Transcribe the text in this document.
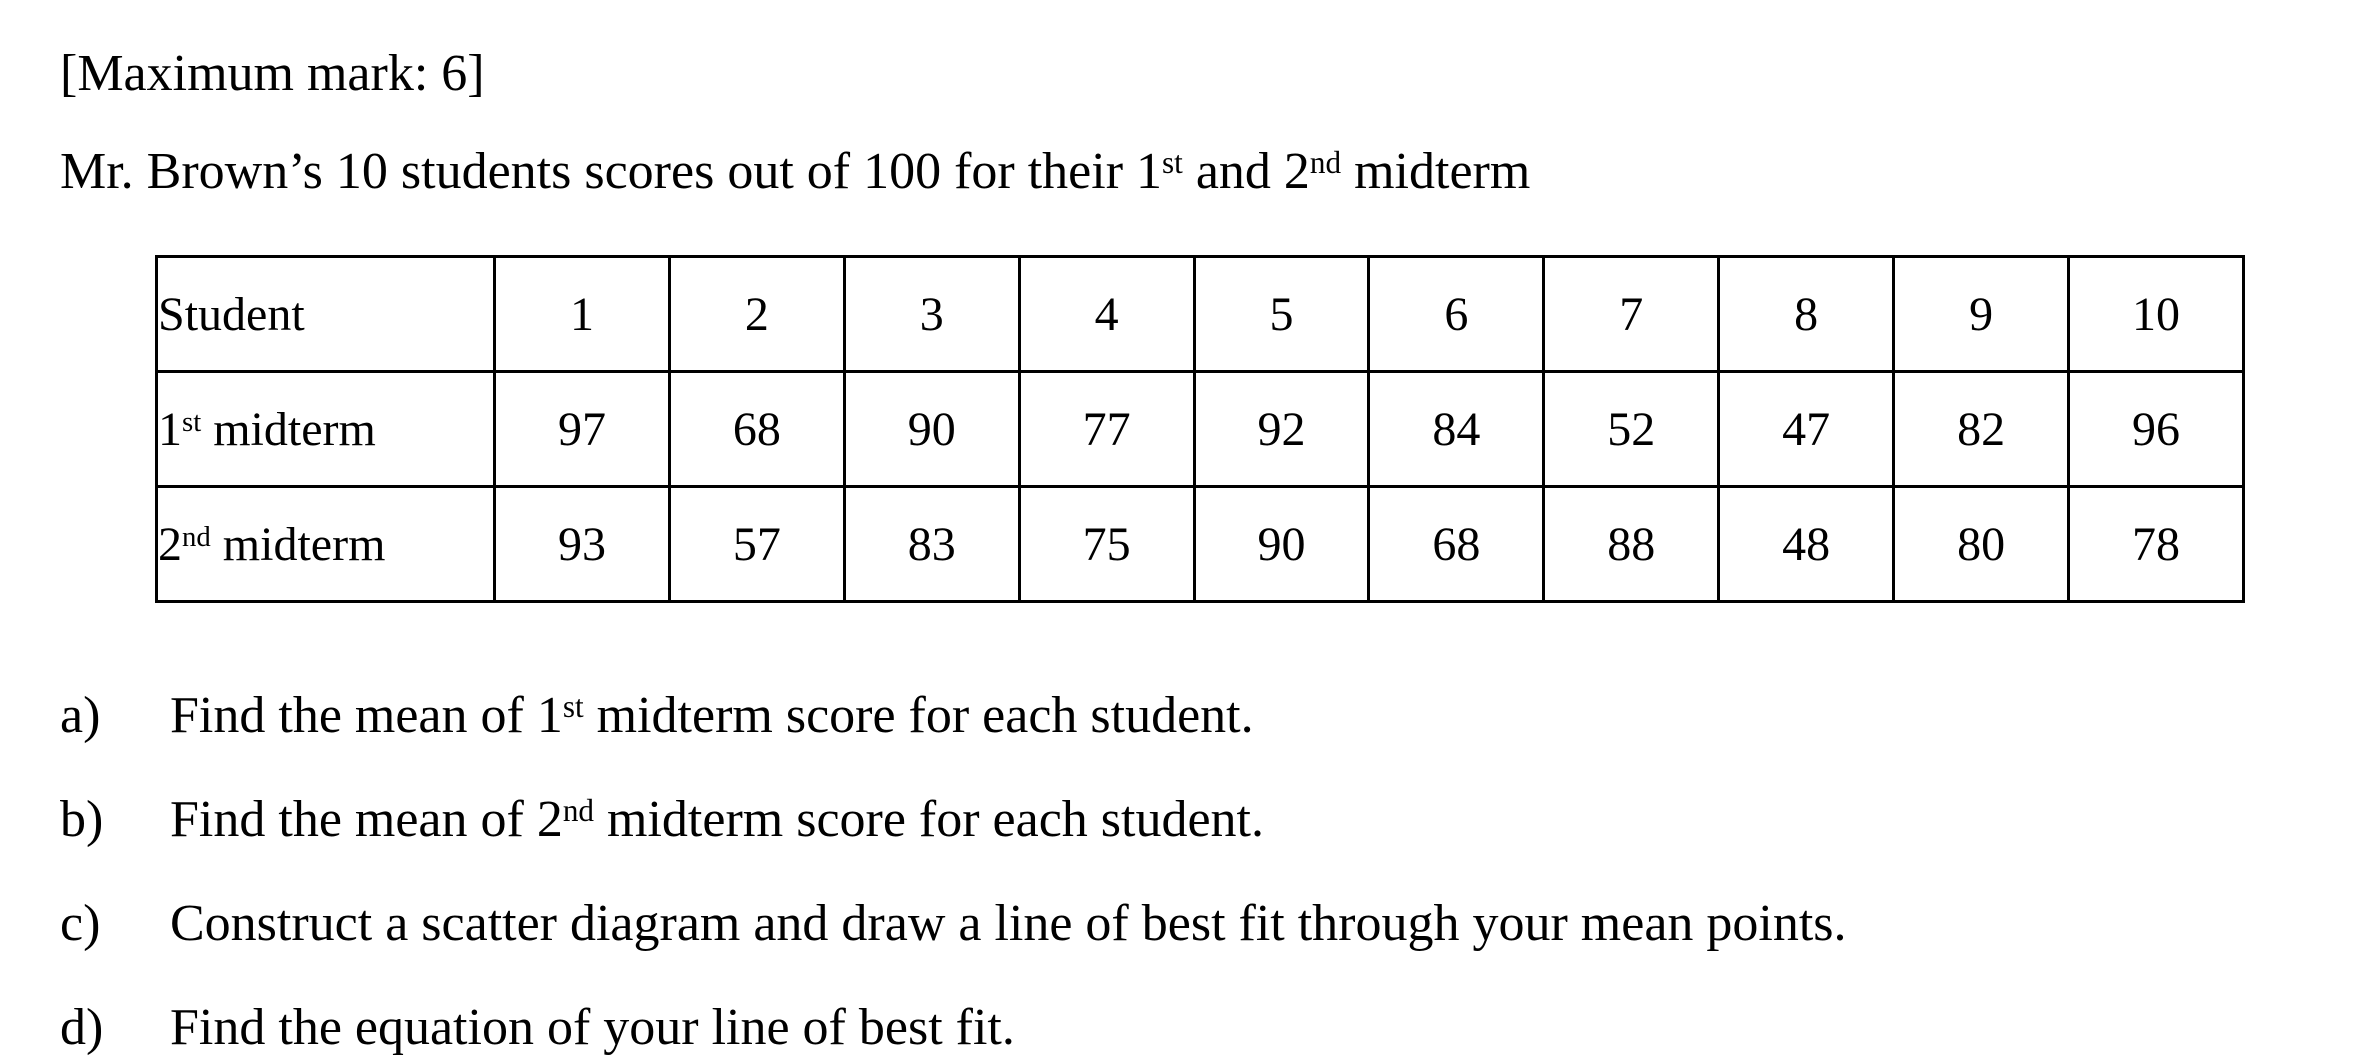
[Maximum mark: 6]
Mr. Brown’s 10 students scores out of 100 for their 1st and 2nd midterm
Student	1	2	3	4	5	6	7	8	9	10
1st midterm	97	68	90	77	92	84	52	47	82	96
2nd midterm	93	57	83	75	90	68	88	48	80	78
a) Find the mean of 1st midterm score for each student.
b) Find the mean of 2nd midterm score for each student.
c) Construct a scatter diagram and draw a line of best fit through your mean points.
d) Find the equation of your line of best fit.
